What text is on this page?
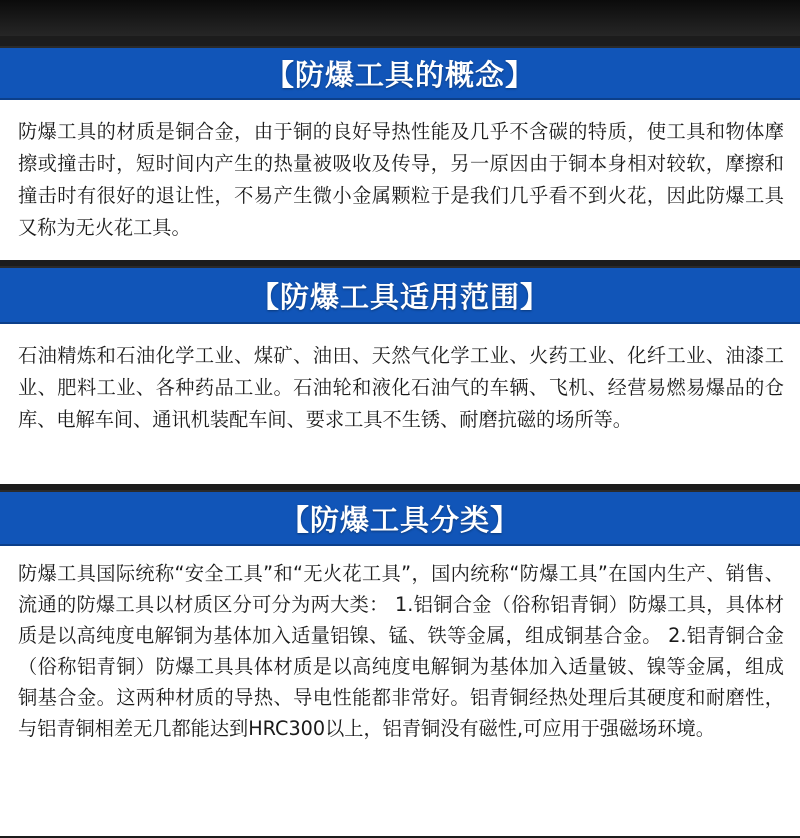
【防爆工具的概念】
防爆工具的材质是铜合金，由于铜的良好导热性能及几乎不含碳的特质，使工具和物体摩擦或撞击时，短时间内产生的热量被吸收及传导，另一原因由于铜本身相对较软，摩擦和撞击时有很好的退让性，不易产生微小金属颗粒于是我们几乎看不到火花，因此防爆工具又称为无火花工具。
【防爆工具适用范围】
石油精炼和石油化学工业、煤矿、油田、天然气化学工业、火药工业、化纤工业、油漆工业、肥料工业、各种药品工业。石油轮和液化石油气的车辆、飞机、经营易燃易爆品的仓库、电解车间、通讯机装配车间、要求工具不生锈、耐磨抗磁的场所等。
【防爆工具分类】
防爆工具国际统称“安全工具”和“无火花工具”，国内统称“防爆工具”在国内生产、销售、流通的防爆工具以材质区分可分为两大类： 1.铝铜合金（俗称铝青铜）防爆工具，具体材质是以高纯度电解铜为基体加入适量铝镍、锰、铁等金属，组成铜基合金。 2.铝青铜合金（俗称铝青铜）防爆工具具体材质是以高纯度电解铜为基体加入适量铍、镍等金属，组成铜基合金。这两种材质的导热、导电性能都非常好。铝青铜经热处理后其硬度和耐磨性，与铝青铜相差无几都能达到HRC300以上，铝青铜没有磁性,可应用于强磁场环境。
